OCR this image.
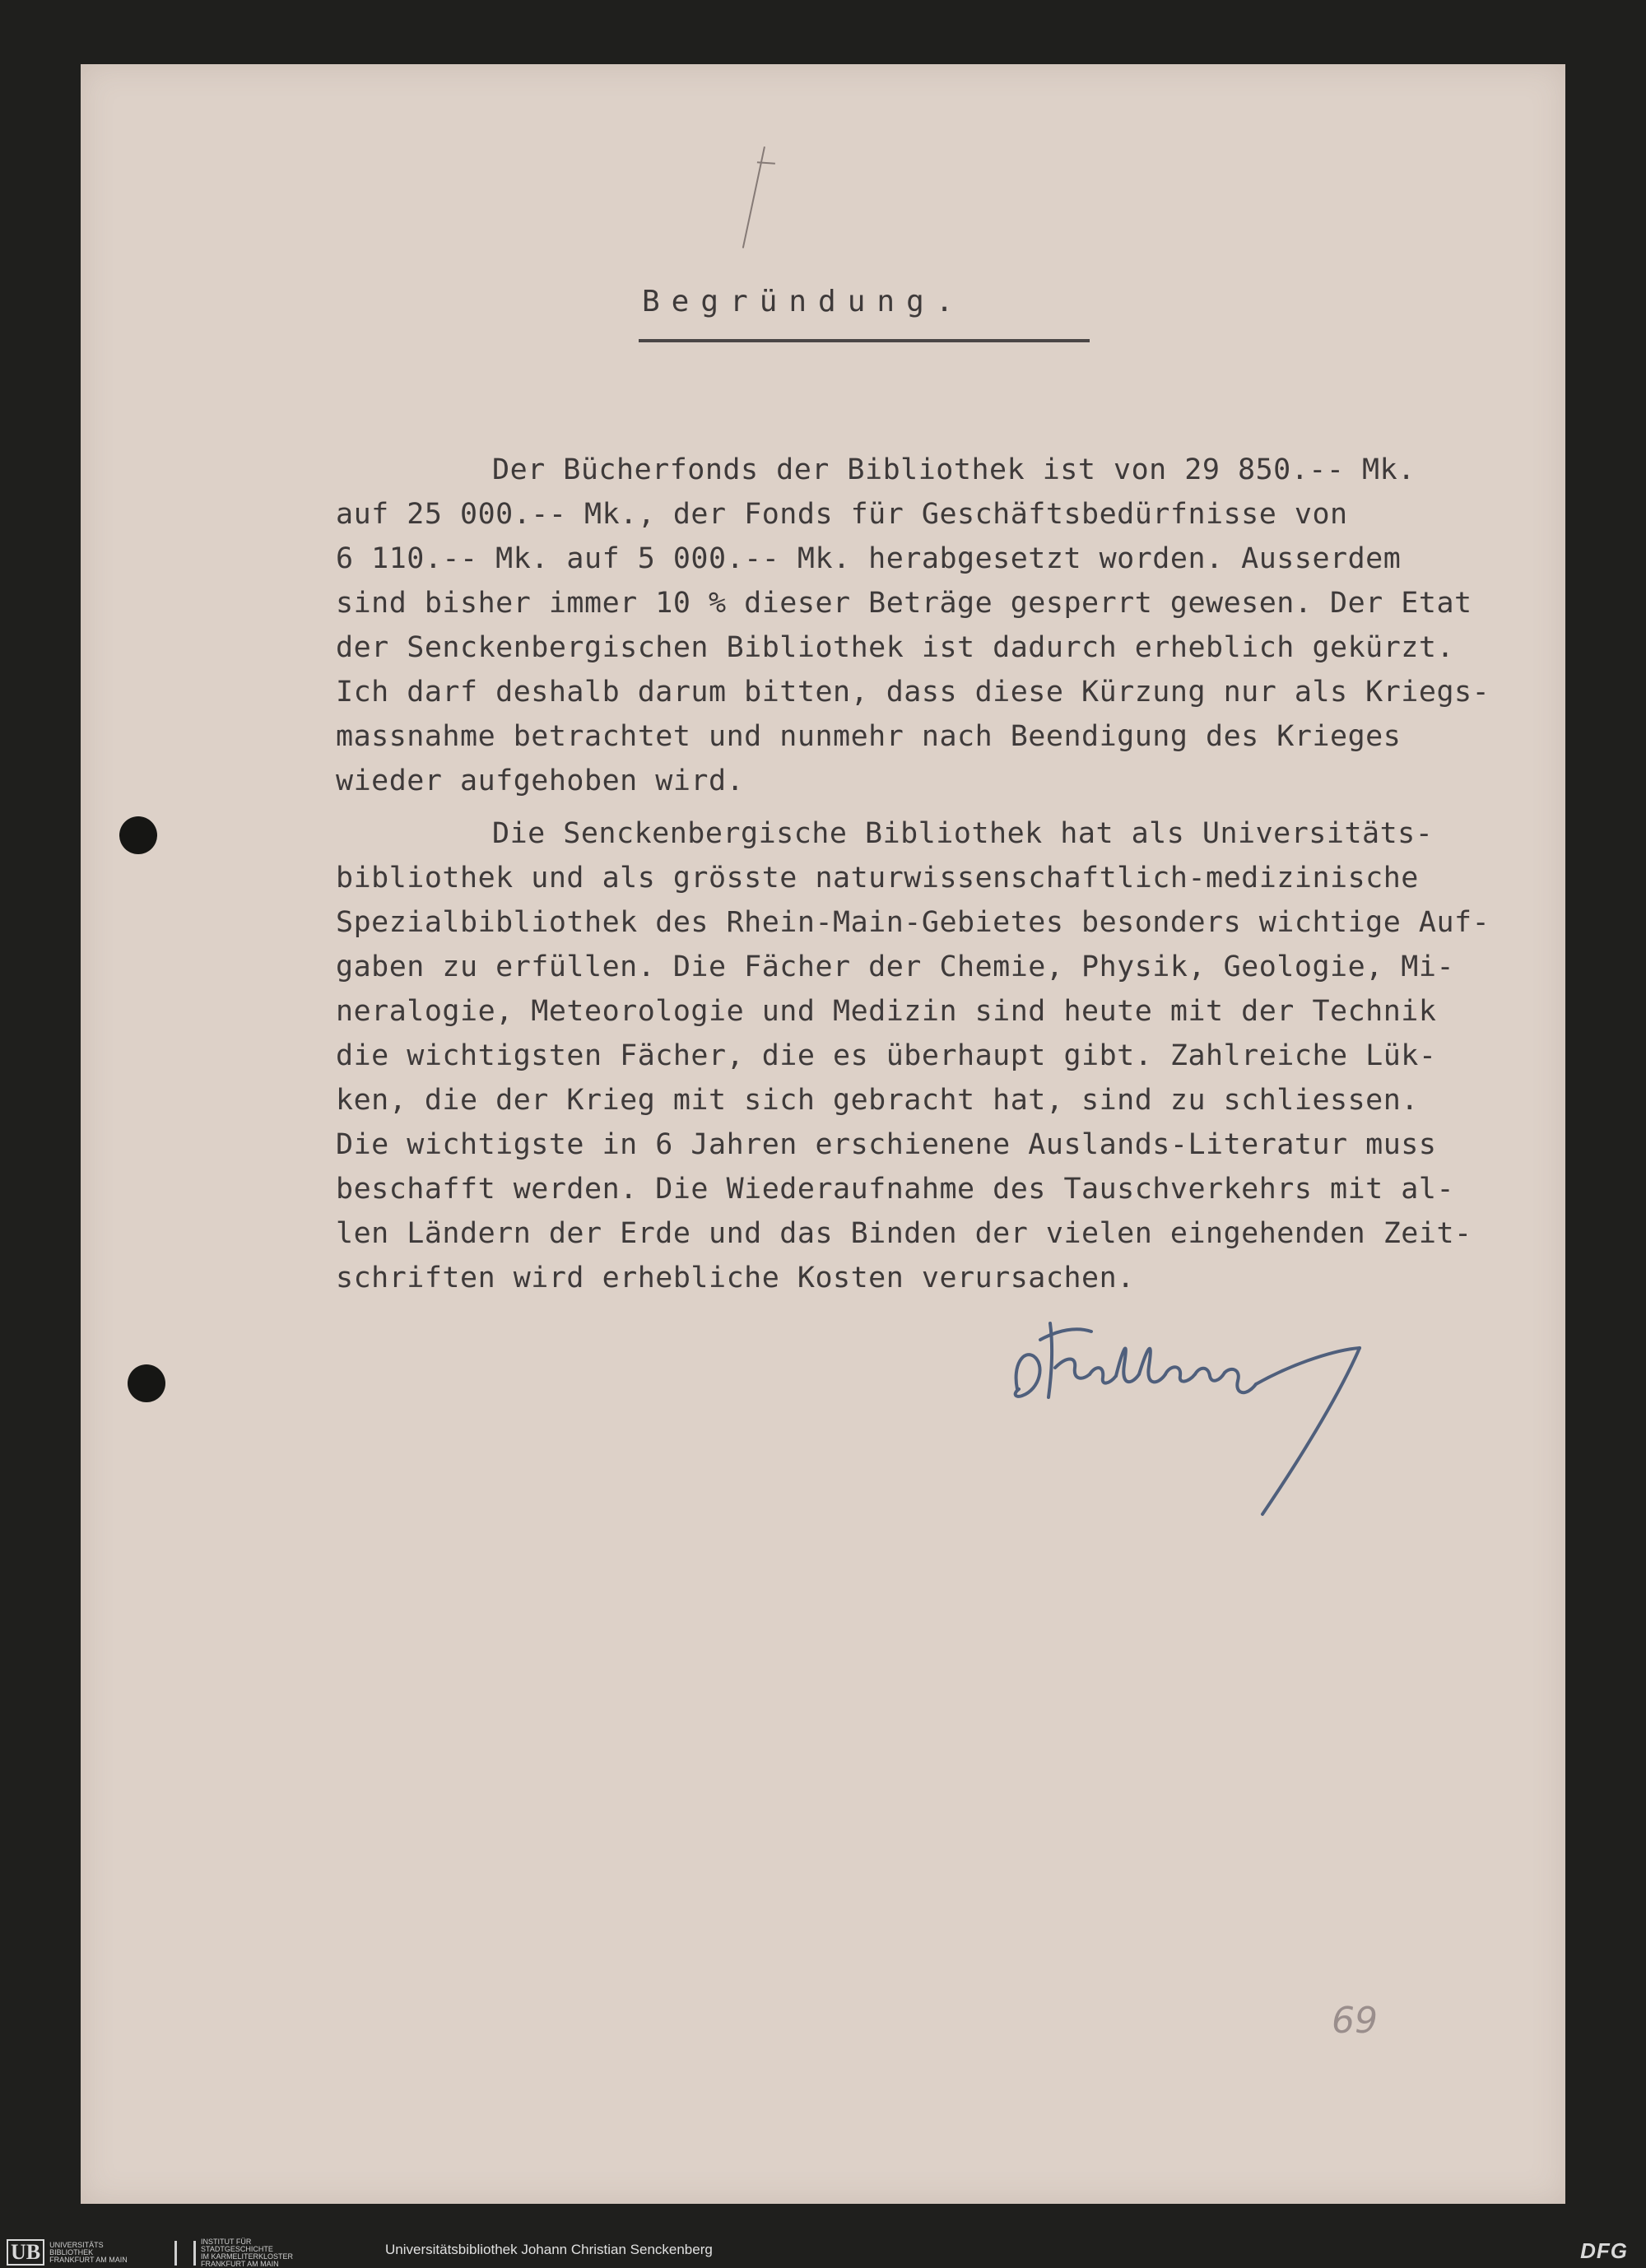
Begründung.
Der Bücherfonds der Bibliothek ist von 29 850.-- Mk.
auf 25 000.-- Mk., der Fonds für Geschäftsbedürfnisse von
6 110.-- Mk. auf 5 000.-- Mk. herabgesetzt worden. Ausserdem
sind bisher immer 10 % dieser Beträge gesperrt gewesen. Der Etat
der Senckenbergischen Bibliothek ist dadurch erheblich gekürzt.
Ich darf deshalb darum bitten, dass diese Kürzung nur als Kriegs-
massnahme betrachtet und nunmehr nach Beendigung des Krieges
wieder aufgehoben wird.
Die Senckenbergische Bibliothek hat als Universitäts-
bibliothek und als grösste naturwissenschaftlich-medizinische
Spezialbibliothek des Rhein-Main-Gebietes besonders wichtige Auf-
gaben zu erfüllen. Die Fächer der Chemie, Physik, Geologie, Mi-
neralogie, Meteorologie und Medizin sind heute mit der Technik
die wichtigsten Fächer, die es überhaupt gibt. Zahlreiche Lük-
ken, die der Krieg mit sich gebracht hat, sind zu schliessen.
Die wichtigste in 6 Jahren erschienene Auslands-Literatur muss
beschafft werden. Die Wiederaufnahme des Tauschverkehrs mit al-
len Ländern der Erde und das Binden der vielen eingehenden Zeit-
schriften wird erhebliche Kosten verursachen.
69
UB	UNIVERSITÄTS
BIBLIOTHEK
FRANKFURT AM MAIN
INSTITUT FÜR
STADTGESCHICHTE
IM KARMELITERKLOSTER
FRANKFURT AM MAIN
Universitätsbibliothek Johann Christian Senckenberg	DFG
